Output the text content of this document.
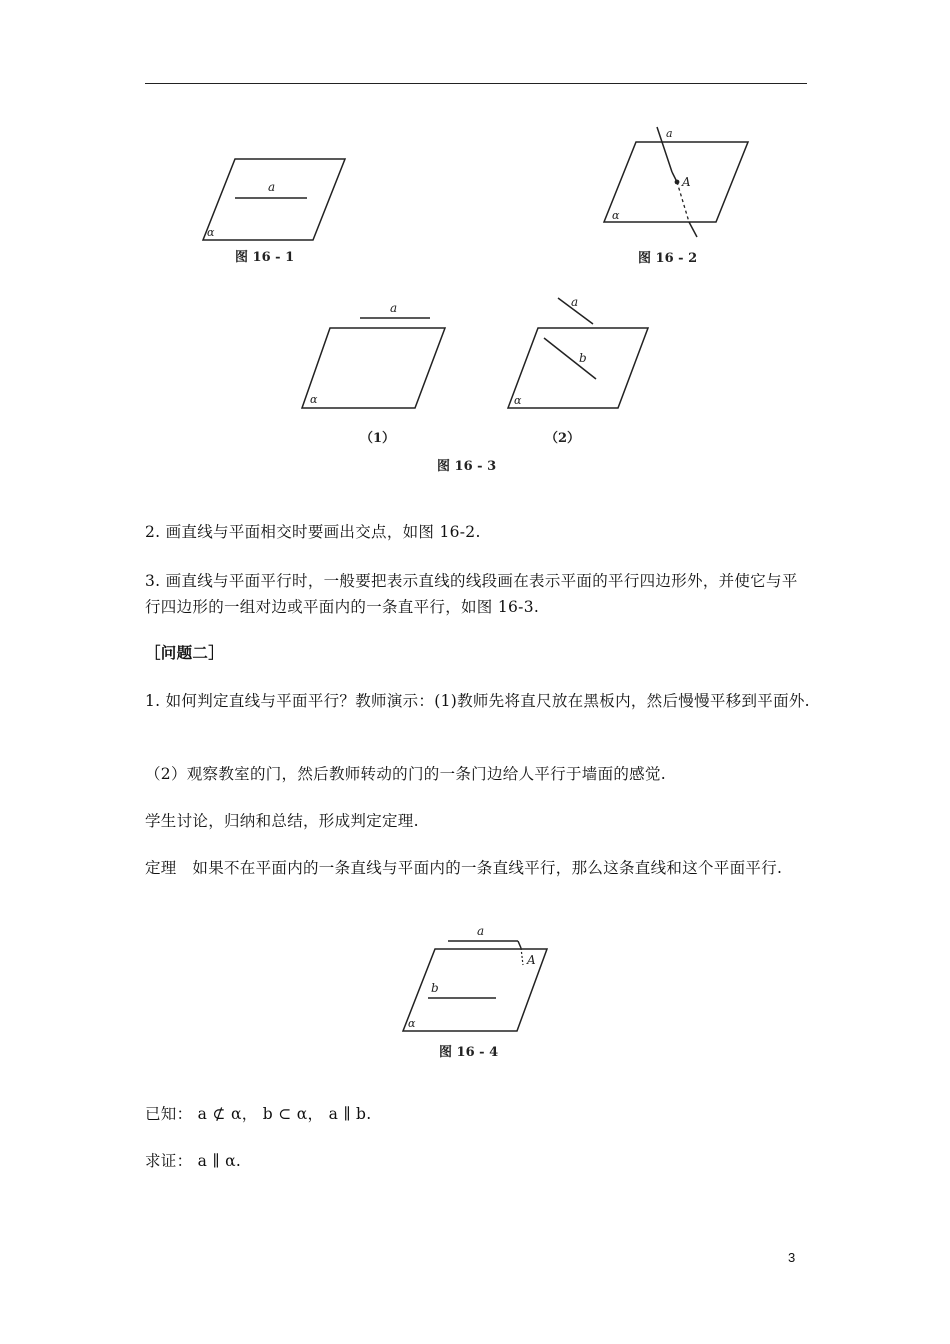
a
α
图 16 - 1
a
A
α
图 16 - 2
a
α
（1）
a
b
α
（2）
图 16 - 3
2. 画直线与平面相交时要画出交点，如图 16-2.
3. 画直线与平面平行时，一般要把表示直线的线段画在表示平面的平行四边形外，并使它与平行四边形的一组对边或平面内的一条直平行，如图 16-3.
［问题二］
1. 如何判定直线与平面平行？教师演示：(1)教师先将直尺放在黑板内，然后慢慢平移到平面外.
（2）观察教室的门，然后教师转动的门的一条门边给人平行于墙面的感觉.
学生讨论，归纳和总结，形成判定定理.
定理　如果不在平面内的一条直线与平面内的一条直线平行，那么这条直线和这个平面平行.
a
A
b
α
图 16 - 4
已知： a ⊄ α， b ⊂ α， a ∥ b.
求证： a ∥ α.
3
